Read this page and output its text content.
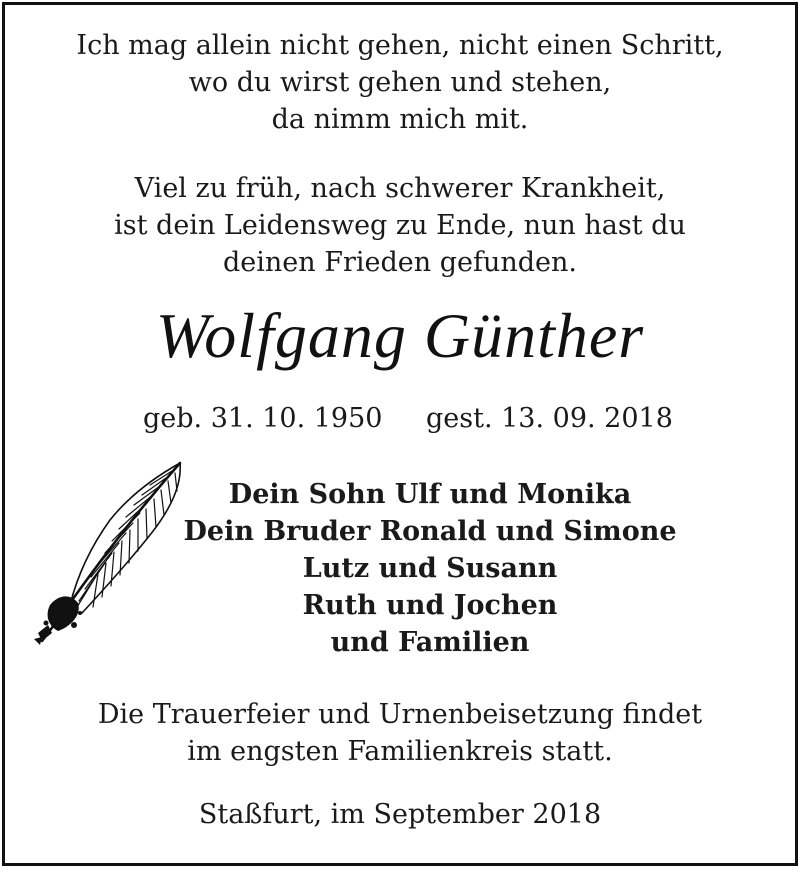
Ich mag allein nicht gehen, nicht einen Schritt,
wo du wirst gehen und stehen,
da nimm mich mit.
Viel zu früh, nach schwerer Krankheit,
ist dein Leidensweg zu Ende, nun hast du
deinen Frieden gefunden.
Wolfgang Günther
geb. 31. 10. 1950 gest. 13. 09. 2018
Dein Sohn Ulf und Monika
Dein Bruder Ronald und Simone
Lutz und Susann
Ruth und Jochen
und Familien
Die Trauerfeier und Urnenbeisetzung findet
im engsten Familienkreis statt.
Staßfurt, im September 2018
